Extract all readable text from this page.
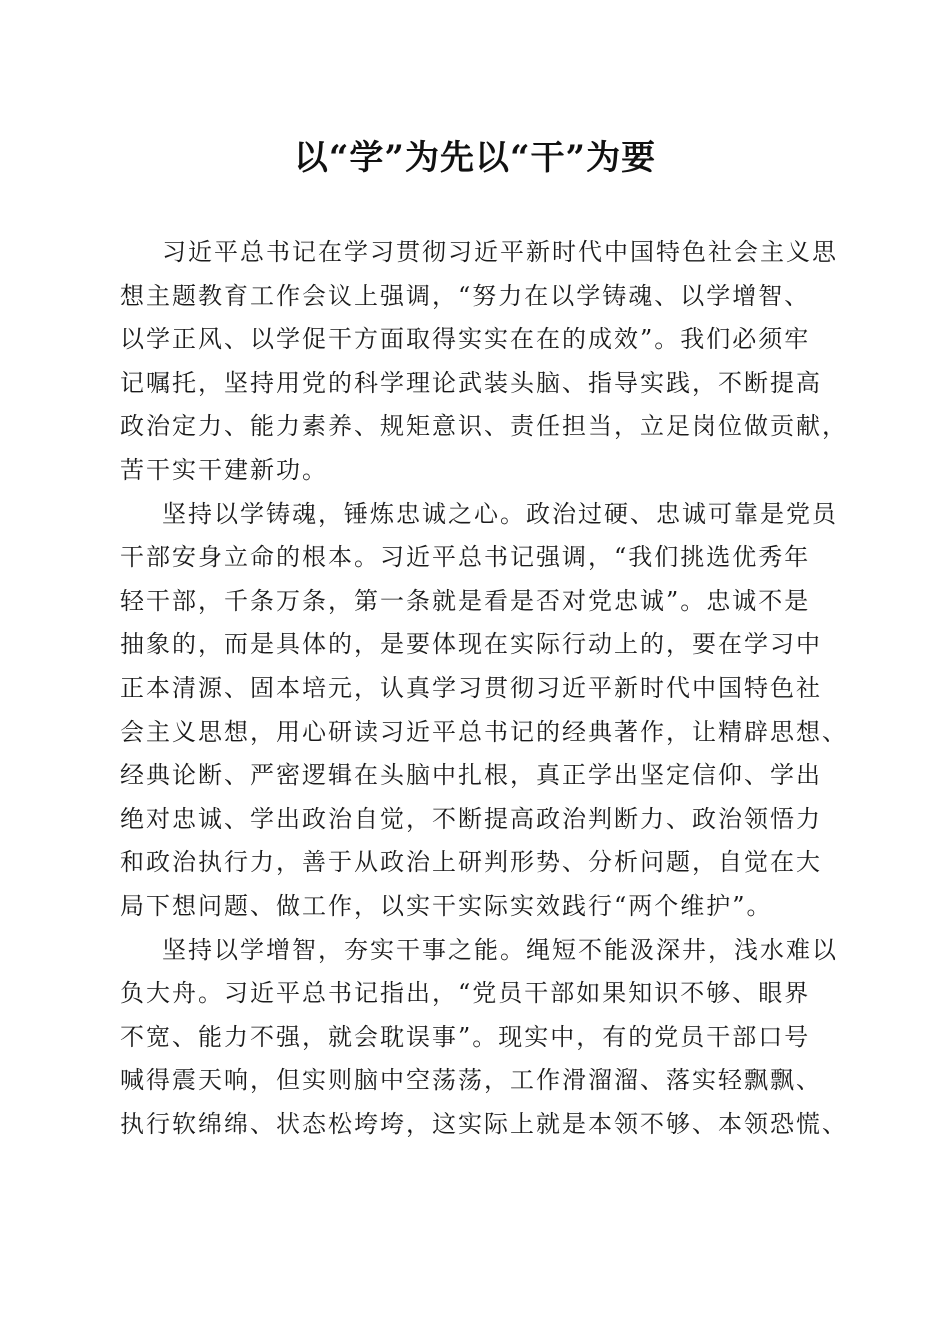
以“学”为先以“干”为要
习近平总书记在学习贯彻习近平新时代中国特色社会主义思
想主题教育工作会议上强调，“努力在以学铸魂、以学增智、
以学正风、以学促干方面取得实实在在的成效”。我们必须牢
记嘱托，坚持用党的科学理论武装头脑、指导实践，不断提高
政治定力、能力素养、规矩意识、责任担当，立足岗位做贡献，
苦干实干建新功。
坚持以学铸魂，锤炼忠诚之心。政治过硬、忠诚可靠是党员
干部安身立命的根本。习近平总书记强调，“我们挑选优秀年
轻干部，千条万条，第一条就是看是否对党忠诚”。忠诚不是
抽象的，而是具体的，是要体现在实际行动上的，要在学习中
正本清源、固本培元，认真学习贯彻习近平新时代中国特色社
会主义思想，用心研读习近平总书记的经典著作，让精辟思想、
经典论断、严密逻辑在头脑中扎根，真正学出坚定信仰、学出
绝对忠诚、学出政治自觉，不断提高政治判断力、政治领悟力
和政治执行力，善于从政治上研判形势、分析问题，自觉在大
局下想问题、做工作，以实干实际实效践行“两个维护”。
坚持以学增智，夯实干事之能。绳短不能汲深井，浅水难以
负大舟。习近平总书记指出，“党员干部如果知识不够、眼界
不宽、能力不强，就会耽误事”。现实中，有的党员干部口号
喊得震天响，但实则脑中空荡荡，工作滑溜溜、落实轻飘飘、
执行软绵绵、状态松垮垮，这实际上就是本领不够、本领恐慌、
